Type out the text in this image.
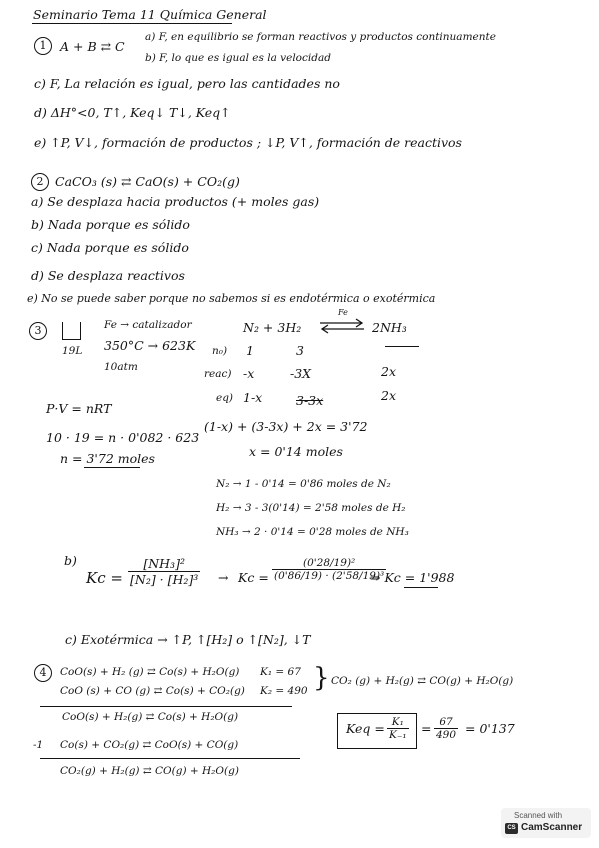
Seminario Tema 11 Química General
1	A + B ⇄ C
a) F, en equilibrio se forman reactivos y productos continuamente
b) F, lo que es igual es la velocidad
c) F, La relación es igual, pero las cantidades no
d) ΔH°<0, T↑, Keq↓ T↓, Keq↑
e) ↑P, V↓, formación de productos ; ↓P, V↑, formación de reactivos
2 CaCO₃ (s) ⇄ CaO(s) + CO₂(g)
a) Se desplaza hacia productos (+ moles gas)
b) Nada porque es sólido
c) Nada porque es sólido
d) Se desplaza reactivos
e) No se puede saber porque no sabemos si es endotérmica o exotérmica
3
19L
Fe → catalizador
350°C → 623K
10atm
N₂ + 3H₂
Fe
⇌ 2NH₃
n₀) 1	3
reac) -x	-3X	2x
eq) 1-x	3-3x	2x
P·V = nRT
10 · 19 = n · 0'082 · 623
n = 3'72 moles
(1-x) + (3-3x) + 2x = 3'72
x = 0'14 moles
N₂ → 1 - 0'14 = 0'86 moles de N₂
H₂ → 3 - 3(0'14) = 2'58 moles de H₂
NH₃ → 2 · 0'14 = 0'28 moles de NH₃
b)
$Kc = \frac{\text{[NH₃]²}}{\text{[N₂] · [H₂]³}} \to Kc = \frac{\text{(0'28/19)²}}{\text{(0'86/19) · (2'58/19)³}}$
⇒ Kc = 1'988
c) Exotérmica → ↑P, ↑[H₂] o ↑[N₂], ↓T
4	CoO(s) + H₂ (g) ⇄ Co(s) + H₂O(g) K₁ = 67
CoO (s) + CO (g) ⇄ Co(s) + CO₂(g) K₂ = 490 } CO₂ (g) + H₂(g) ⇄ CO(g) + H₂O(g)
CoO(s) + H₂(g) ⇄ Co(s) + H₂O(g)
-1 Co(s) + CO₂(g) ⇄ CoO(s) + CO(g)
CO₂(g) + H₂(g) ⇄ CO(g) + H₂O(g)
Keq = $\frac{\text{K₁}}{\text{K₋₁}} = \frac{67}{490} = 0'137$
Scanned with
CS CamScanner
